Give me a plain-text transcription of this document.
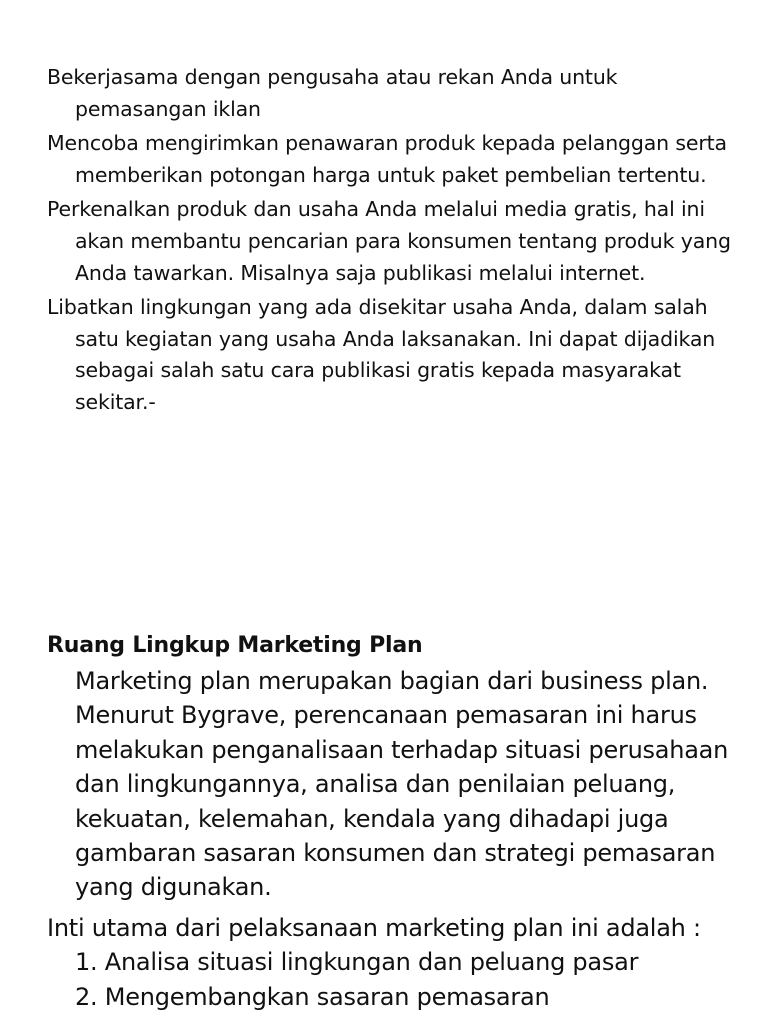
Bekerjasama dengan pengusaha atau rekan Anda untuk pemasangan iklan

Mencoba mengirimkan penawaran produk kepada pelanggan serta memberikan potongan harga untuk paket pembelian tertentu.

Perkenalkan produk dan usaha Anda melalui media gratis, hal ini akan membantu pencarian para konsumen tentang produk yang Anda tawarkan. Misalnya saja publikasi melalui internet.

Libatkan lingkungan yang ada disekitar usaha Anda, dalam salah satu kegiatan yang usaha Anda laksanakan. Ini dapat dijadikan sebagai salah satu cara publikasi gratis kepada masyarakat sekitar.-

Ruang Lingkup Marketing Plan

Marketing plan merupakan bagian dari business plan. Menurut Bygrave, perencanaan pemasaran ini harus melakukan penganalisaan terhadap situasi perusahaan dan lingkungannya, analisa dan penilaian peluang, kekuatan, kelemahan, kendala yang dihadapi juga gambaran sasaran konsumen dan strategi pemasaran yang digunakan.

Inti utama dari pelaksanaan marketing plan ini adalah :

1. Analisa situasi lingkungan dan peluang pasar

2. Mengembangkan sasaran pemasaran
